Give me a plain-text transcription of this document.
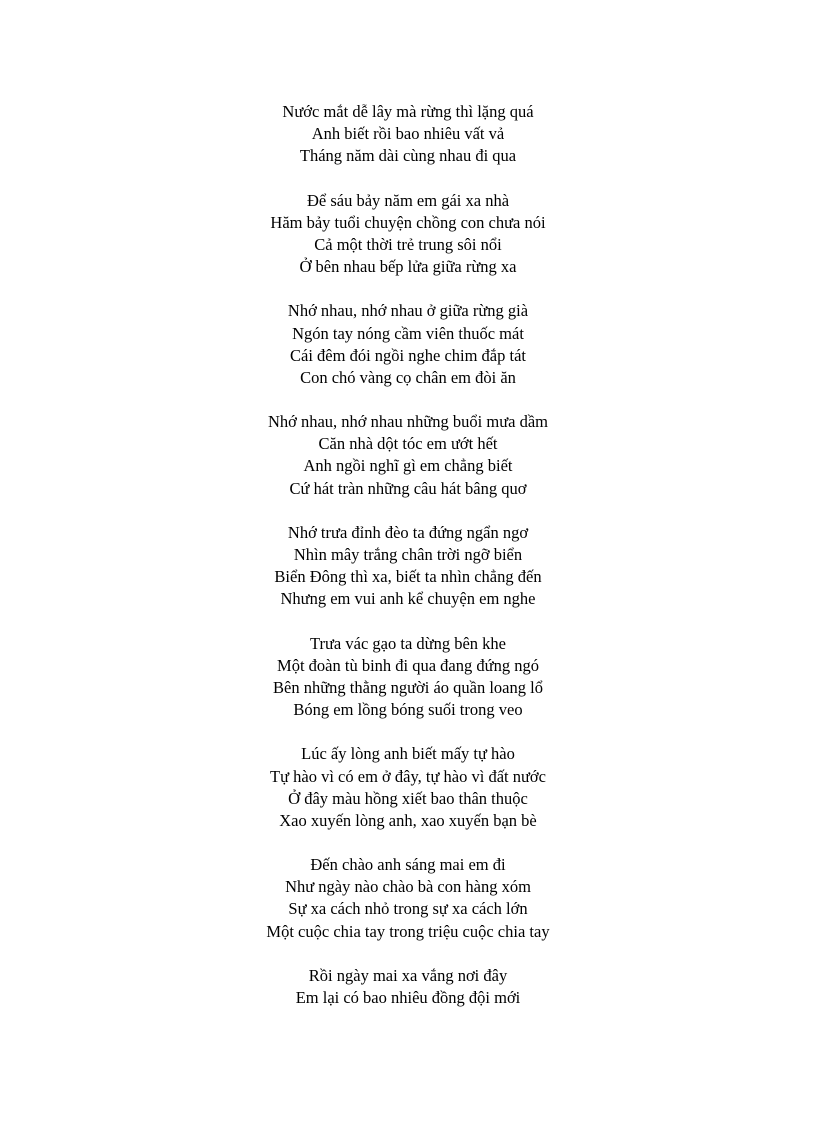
Nước mắt dễ lây mà rừng thì lặng quá
Anh biết rồi bao nhiêu vất vả
Tháng năm dài cùng nhau đi qua
Để sáu bảy năm em gái xa nhà
Hăm bảy tuổi chuyện chồng con chưa nói
Cả một thời trẻ trung sôi nổi
Ở bên nhau bếp lửa giữa rừng xa
Nhớ nhau, nhớ nhau ở giữa rừng già
Ngón tay nóng cầm viên thuốc mát
Cái đêm đói ngồi nghe chim đắp tát
Con chó vàng cọ chân em đòi ăn
Nhớ nhau, nhớ nhau những buổi mưa dầm
Căn nhà dột tóc em ướt hết
Anh ngồi nghĩ gì em chẳng biết
Cứ hát tràn những câu hát bâng quơ
Nhớ trưa đỉnh đèo ta đứng ngẩn ngơ
Nhìn mây trắng chân trời ngỡ biển
Biển Đông thì xa, biết ta nhìn chẳng đến
Nhưng em vui anh kể chuyện em nghe
Trưa vác gạo ta dừng bên khe
Một đoàn tù binh đi qua đang đứng ngó
Bên những thằng người áo quần loang lổ
Bóng em lồng bóng suối trong veo
Lúc ấy lòng anh biết mấy tự hào
Tự hào vì có em ở đây, tự hào vì đất nước
Ở đây màu hồng xiết bao thân thuộc
Xao xuyến lòng anh, xao xuyến bạn bè
Đến chào anh sáng mai em đi
Như ngày nào chào bà con hàng xóm
Sự xa cách nhỏ trong sự xa cách lớn
Một cuộc chia tay trong triệu cuộc chia tay
Rồi ngày mai xa vắng nơi đây
Em lại có bao nhiêu đồng đội mới
